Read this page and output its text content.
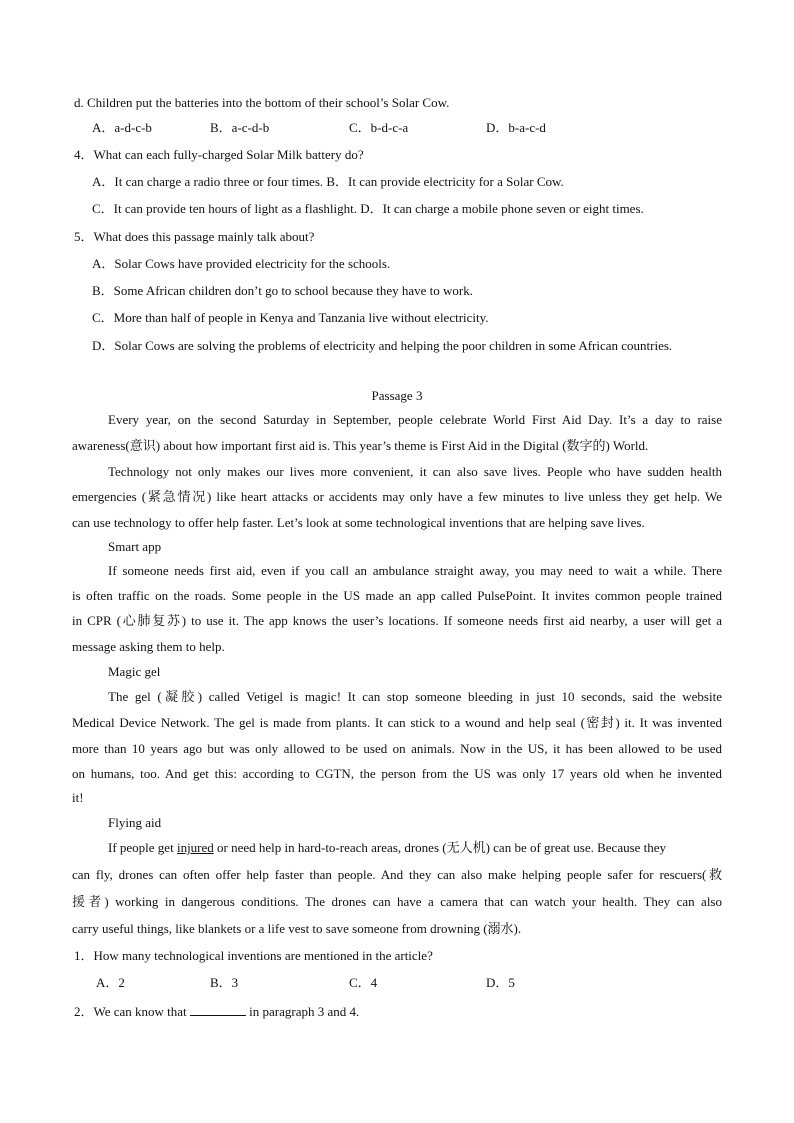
d. Children put the batteries into the bottom of their school’s Solar Cow.
A．a-d-c-b	B．a-c-d-b	C．b-d-c-a	D．b-a-c-d
4．What can each fully-charged Solar Milk battery do?
A．It can charge a radio three or four times. B．It can provide electricity for a Solar Cow.
C．It can provide ten hours of light as a flashlight. D．It can charge a mobile phone seven or eight times.
5．What does this passage mainly talk about?
A．Solar Cows have provided electricity for the schools.
B．Some African children don’t go to school because they have to work.
C．More than half of people in Kenya and Tanzania live without electricity.
D．Solar Cows are solving the problems of electricity and helping the poor children in some African countries.
Passage 3
Every year, on the second Saturday in September, people celebrate World First Aid Day. It’s a day to raise
awareness(意识) about how important first aid is. This year’s theme is First Aid in the Digital (数字的) World.
Technology not only makes our lives more convenient, it can also save lives. People who have sudden health
emergencies (紧急情况) like heart attacks or accidents may only have a few minutes to live unless they get help. We
can use technology to offer help faster. Let’s look at some technological inventions that are helping save lives.
Smart app
If someone needs first aid, even if you call an ambulance straight away, you may need to wait a while. There
is often traffic on the roads. Some people in the US made an app called PulsePoint. It invites common people trained
in CPR (心肺复苏) to use it. The app knows the user’s locations. If someone needs first aid nearby, a user will get a
message asking them to help.
Magic gel
The gel (凝胶) called Vetigel is magic! It can stop someone bleeding in just 10 seconds, said the website
Medical Device Network. The gel is made from plants. It can stick to a wound and help seal (密封) it. It was invented
more than 10 years ago but was only allowed to be used on animals. Now in the US, it has been allowed to be used
on humans, too. And get this: according to CGTN, the person from the US was only 17 years old when he invented
it!
Flying aid
If people get injured or need help in hard-to-reach areas, drones (无人机) can be of great use. Because they
can fly, drones can often offer help faster than people. And they can also make helping people safer for rescuers(救
援者) working in dangerous conditions. The drones can have a camera that can watch your health. They can also
carry useful things, like blankets or a life vest to save someone from drowning (溺水).
1．How many technological inventions are mentioned in the article?
A．2	B．3	C．4	D．5
2．We can know that	in paragraph 3 and 4.
